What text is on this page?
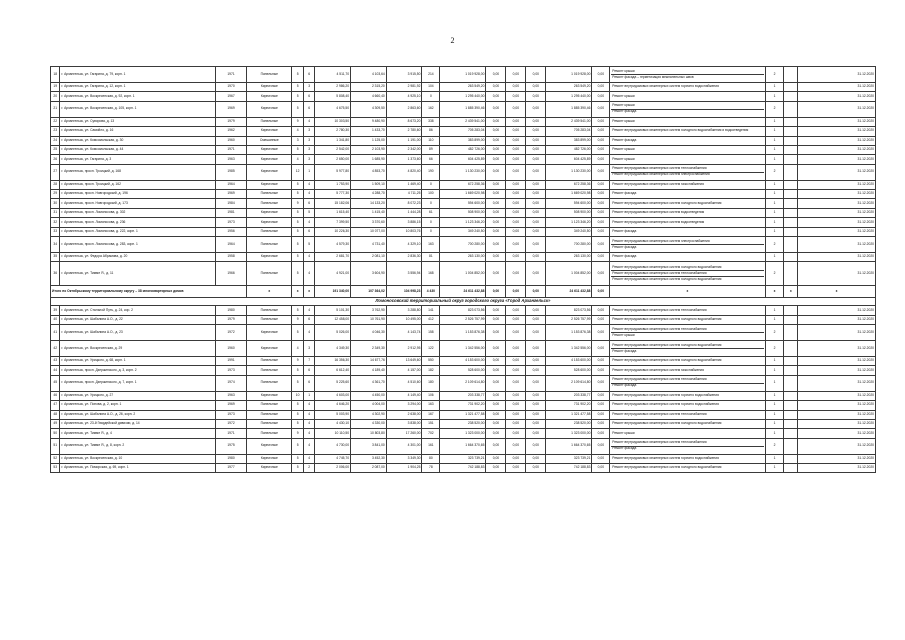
2
18	г. Архангельск, ул. Гагарина, д. 79, корп. 1	1971	Панельные	5	6	4 511,70	4 103,64	3 915,50	214	1 019 928,00	0,00	0,00	0,00	1 019 928,00	0,00	Ремонт крыши
Ремонт фасада – герметизация межпанельных швов	2		31.12.2020
19	г. Архангельск, ул. Гагарина, д. 12, корп. 1	1970	Кирпичные	5	3	2 986,20	2 315,20	2 981,92	104	263 549,20	0,00	0,00	0,00	263 549,20	0,00	Ремонт внутридомовых инженерных систем горячего водоснабжения	1		31.12.2020
20	г. Архангельск, ул. Воскресенская, д. 92, корп. 1	1967	Кирпичные	5	6	5 808,40	4 660,40	4 925,10	0	1 295 440,00	0,00	0,00	0,00	1 295 440,00	0,00	Ремонт крыши	1		31.12.2020
21	г. Архангельск, ул. Воскресенская, д. 105, корп. 1	1969	Кирпичные	5	6	4 675,50	4 309,50	2 863,60	162	1 885 390,46	0,00	0,00	0,00	1 885 390,46	0,00	Ремонт крыши
Ремонт фасада	2		31.12.2020
22	г. Архангельск, ул. Суворова, д. 13	1979	Панельные	9	4	10 303,50	9 480,90	8 673,20	338	2 439 541,00	0,00	0,00	0,00	2 439 541,00	0,00	Ремонт крыши	1		31.12.2020
23	г. Архангельск, ул. Самойло, д. 16	1962	Кирпичные	4	3	2 780,30	1 433,70	2 780,60	86	705 283,04	0,00	0,00	0,00	705 283,04	0,00	Ремонт внутридомовых инженерных систем холодного водоснабжения и водоотведения	1		31.12.2020
24	г. Архангельск, ул. Комсомольская, д. 30	1960	Смешанные	3	3	1 341,80	1 125,00	1 191,00	110	383 899,00	0,00	0,00	0,00	383 899,00	0,00	Ремонт фасада	1		31.12.2020
25	г. Архангельск, ул. Комсомольская, д. 44	1971	Кирпичные	5	3	2 542,00	2 103,90	2 342,00	89	482 726,00	0,00	0,00	0,00	482 726,00	0,00	Ремонт крыши	1		31.12.2020
26	г. Архангельск, ул. Гагарина, д. 3	1963	Кирпичные	4	3	2 650,00	1 685,90	1 373,60	66	604 425,89	0,00	0,00	0,00	604 425,89	0,00	Ремонт крыши	1		31.12.2020
27	г. Архангельск, просп. Троицкий, д. 168	1985	Кирпичные	12	1	5 977,80	4 853,70	4 820,40	190	1 130 230,00	0,00	0,00	0,00	1 130 230,00	0,00	Ремонт внутридомовых инженерных систем теплоснабжения
Ремонт внутридомовых инженерных систем электроснабжения	2		31.12.2020
28	г. Архангельск, просп. Троицкий, д. 162	1964	Кирпичные	5	4	1 753,90	1 509,10	1 469,40	0	672 258,36	0,00	0,00	0,00	672 258,36	0,00	Ремонт внутридомовых инженерных систем газоснабжения	1		31.12.2020
29	г. Архангельск, просп. Новгородский, д. 196	1969	Панельные	5	4	5 777,30	4 288,70	4 711,25	100	1 669 020,98	0,00	0,00	0,00	1 669 020,98	0,00	Ремонт фасада	1		31.12.2020
30	г. Архангельск, просп. Новгородский, д. 173	1984	Панельные	9	6	15 182,06	14 133,20	8 072,23	0	594 600,00	0,00	0,00	0,00	594 600,00	0,00	Ремонт внутридомовых инженерных систем холодного водоснабжения	1		31.12.2020
31	г. Архангельск, просп. Ломоносова, д. 302	1981	Кирпичные	5	5	1 615,40	1 415,40	1 444,28	61	508 900,00	0,00	0,00	0,00	508 900,00	0,00	Ремонт внутридомовых инженерных систем водоотведения	1		31.12.2020
32	г. Архангельск, просп. Ломоносова, д. 236	1973	Кирпичные	5	4	7 399,50	3 370,60	3 886,15	0	1 123 346,20	0,00	0,00	0,00	1 123 346,20	0,00	Ремонт внутридомовых инженерных систем водоотведения	1		31.12.2020
33	г. Архангельск, просп. Ломоносова, д. 222, корп. 1	1956	Панельные	5	6	10 226,30	10 077,00	10 803,76	0	349 240,50	0,00	0,00	0,00	349 240,50	0,00	Ремонт фасада	1		31.12.2020
34	г. Архангельск, просп. Ломоносова, д. 283, корп. 1	1964	Панельные	5	5	4 579,30	4 731,40	4 329,10	163	700 280,00	0,00	0,00	0,00	700 280,00	0,00	Ремонт внутридомовых инженерных систем электроснабжения
Ремонт фасада	2		31.12.2020
35	г. Архангельск, ул. Федора Абрамова, д. 20	1958	Кирпичные	5	4	2 681,70	2 081,10	2 836,30	81	263 130,00	0,00	0,00	0,00	263 130,00	0,00	Ремонт фасада	1		31.12.2020
36	г. Архангельск, ул. Тимме Я., д. 11	1966	Панельные	5	4	4 921,00	3 604,90	3 556,94	168	1 004 852,00	0,00	0,00	0,00	1 004 852,00	0,00	Ремонт внутридомовых инженерных систем холодного водоснабжения
Ремонт внутридомовых инженерных систем теплоснабжения
Ремонт внутридомовых инженерных систем холодного водоснабжения	2		31.12.2020
Итого по Октябрьскому территориальному округу – 38 многоквартирных домов			х	х	х	191 340,00	107 364,02	104 998,23	4 430	24 611 432,88	0,00	0,00	0,00	24 611 432,88	0,00	х	х	х	х
Ломоносовский территориальный округ городского округа «Город Архангельск»																			
39	г. Архангельск, ул. Стальной Путь, д. 24, кор. 2	1980	Панельные	5	4	5 101,30	3 762,90	3 288,80	141	823 073,56	0,00	0,00	0,00	823 073,56	0,00	Ремонт внутридомовых инженерных систем теплоснабжения	1		31.12.2020
40	г. Архангельск, ул. Шабалина А.О., д. 22	1979	Панельные	9	6	12 458,00	10 761,90	10 495,00	412	2 526 757,99	0,00	0,00	0,00	2 526 757,99	0,00	Ремонт внутридомовых инженерных систем холодного водоснабжения	1		31.12.2020
41	г. Архангельск, ул. Шабалина А.О., д. 23	1972	Кирпичные	5	4	5 026,00	4 046,30	4 143,74	158	1 153 876,38	0,00	0,00	0,00	1 153 876,38	0,00	Ремонт внутридомовых инженерных систем теплоснабжения
Ремонт крыши	2		31.12.2020
42	г. Архангельск, ул. Воскресенская, д. 29	1960	Кирпичные	4	3	4 349,30	2 349,30	2 912,95	122	1 342 556,00	0,00	0,00	0,00	1 342 556,00	0,00	Ремонт внутридомовых инженерных систем холодного водоснабжения
Ремонт фасада	2		31.12.2020
43	г. Архангельск, ул. Урицкого, д. 68, корп. 1	1991	Панельные	9	7	16 356,30	14 677,76	13 649,60	550	4 153 600,00	0,00	0,00	0,00	4 153 600,00	0,00	Ремонт внутридомовых инженерных систем холодного водоснабжения	1		31.12.2020
44	г. Архангельск, просп. Дзержинского, д. 3, корп. 2	1973	Панельные	5	6	6 612,40	4 189,40	4 157,00	182	528 600,00	0,00	0,00	0,00	528 600,00	0,00	Ремонт внутридомовых инженерных систем газоснабжения	1		31.12.2020
45	г. Архангельск, просп. Дзержинского, д. 7, корп. 1	1974	Панельные	5	6	5 225,60	4 361,70	4 510,60	180	2 109 614,80	0,00	0,00	0,00	2 109 614,80	0,00	Ремонт внутридомовых инженерных систем теплоснабжения
Ремонт фасада	1		31.12.2020
46	г. Архангельск, ул. Урицкого, д. 27	1963	Кирпичные	10	1	4 603,00	4 450,00	4 149,40	106	203 338,77	0,00	0,00	0,00	203 338,77	0,00	Ремонт внутридомовых инженерных систем горячего водоснабжения	1		31.12.2020
47	г. Архангельск, ул. Попова, д. 2, корп. 1	1969	Панельные	5	4	4 646,20	4 004,00	3 294,00	163	731 902,20	0,00	0,00	0,00	731 902,20	0,00	Ремонт внутридомовых инженерных систем горячего водоснабжения	1		31.12.2020
48	г. Архангельск, ул. Шабалина А.О., д. 26, корп. 2	1973	Панельные	5	4	5 003,90	4 302,90	2 638,00	167	1 321 477,58	0,00	0,00	0,00	1 321 477,58	0,00	Ремонт внутридомовых инженерных систем теплоснабжения	1		31.12.2020
49	г. Архангельск, ул. 23-й Гвардейской дивизии, д. 14	1972	Панельные	5	4	4 430,10	4 330,00	3 838,00	151	238 520,00	0,00	0,00	0,00	238 520,00	0,00	Ремонт внутридомовых инженерных систем холодного водоснабжения	1		31.12.2020
50	г. Архангельск, ул. Тимме Я., д. 4	1971	Панельные	9	4	10 110,50	10 803,80	17 260,00	702	1 323 000,00	0,00	0,00	0,00	1 323 000,00	0,00	Ремонт крыши	1		31.12.2020
51	г. Архангельск, ул. Тимме Я., д. 8, корп. 2	1975	Кирпичные	5	4	4 730,00	3 841,00	4 301,00	161	1 664 370,65	0,00	0,00	0,00	1 664 370,65	0,00	Ремонт внутридомовых инженерных систем теплоснабжения
Ремонт фасада	2		31.12.2020
52	г. Архангельск, ул. Воскресенская, д. 10	1980	Кирпичные	5	4	4 745,70	3 452,30	3 349,30	80	323 739,21	0,00	0,00	0,00	323 739,21	0,00	Ремонт внутридомовых инженерных систем горячего водоснабжения	1		31.12.2020
53	г. Архангельск, ул. Поморская, д. 69, корп. 1	1977	Кирпичные	5	2	2 006,00	2 087,00	1 904,25	78	742 188,83	0,00	0,00	0,00	742 188,83	0,00	Ремонт внутридомовых инженерных систем холодного водоснабжения	1		31.12.2020
